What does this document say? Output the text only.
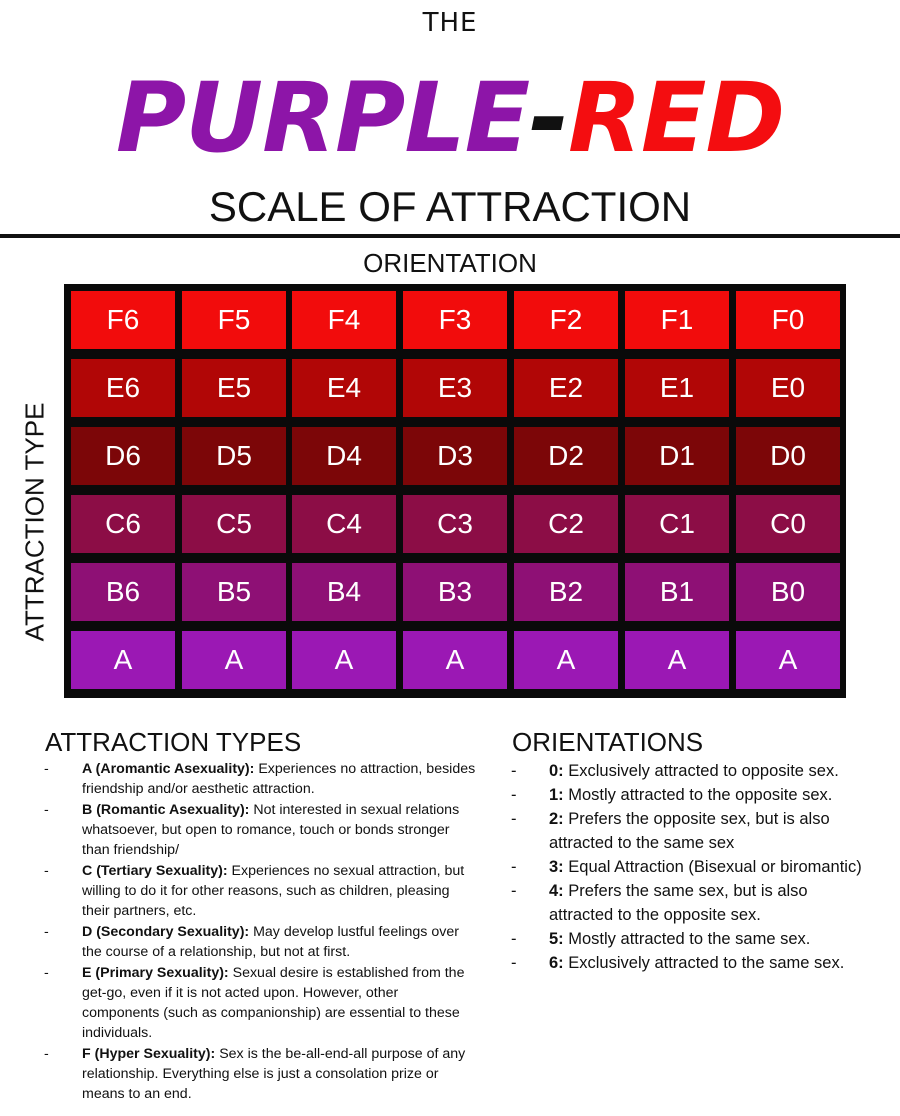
THE
PURPLE-RED
SCALE OF ATTRACTION
ORIENTATION
ATTRACTION TYPE
F6	F5	F4	F3	F2	F1	F0
E6	E5	E4	E3	E2	E1	E0
D6	D5	D4	D3	D2	D1	D0
C6	C5	C4	C3	C2	C1	C0
B6	B5	B4	B3	B2	B1	B0
A	A	A	A	A	A	A
ATTRACTION TYPES
- A (Aromantic Asexuality): Experiences no attraction, besides friendship and/or aesthetic attraction.
- B (Romantic Asexuality): Not interested in sexual relations whatsoever, but open to romance, touch or bonds stronger than friendship/
- C (Tertiary Sexuality): Experiences no sexual attraction, but willing to do it for other reasons, such as children, pleasing their partners, etc.
- D (Secondary Sexuality): May develop lustful feelings over the course of a relationship, but not at first.
- E (Primary Sexuality): Sexual desire is established from the get-go, even if it is not acted upon. However, other components (such as companionship) are essential to these individuals.
- F (Hyper Sexuality): Sex is the be-all-end-all purpose of any relationship. Everything else is just a consolation prize or means to an end.
ORIENTATIONS
- 0: Exclusively attracted to opposite sex.
- 1: Mostly attracted to the opposite sex.
- 2: Prefers the opposite sex, but is also attracted to the same sex
- 3: Equal Attraction (Bisexual or biromantic)
- 4: Prefers the same sex, but is also attracted to the opposite sex.
- 5: Mostly attracted to the same sex.
- 6: Exclusively attracted to the same sex.
